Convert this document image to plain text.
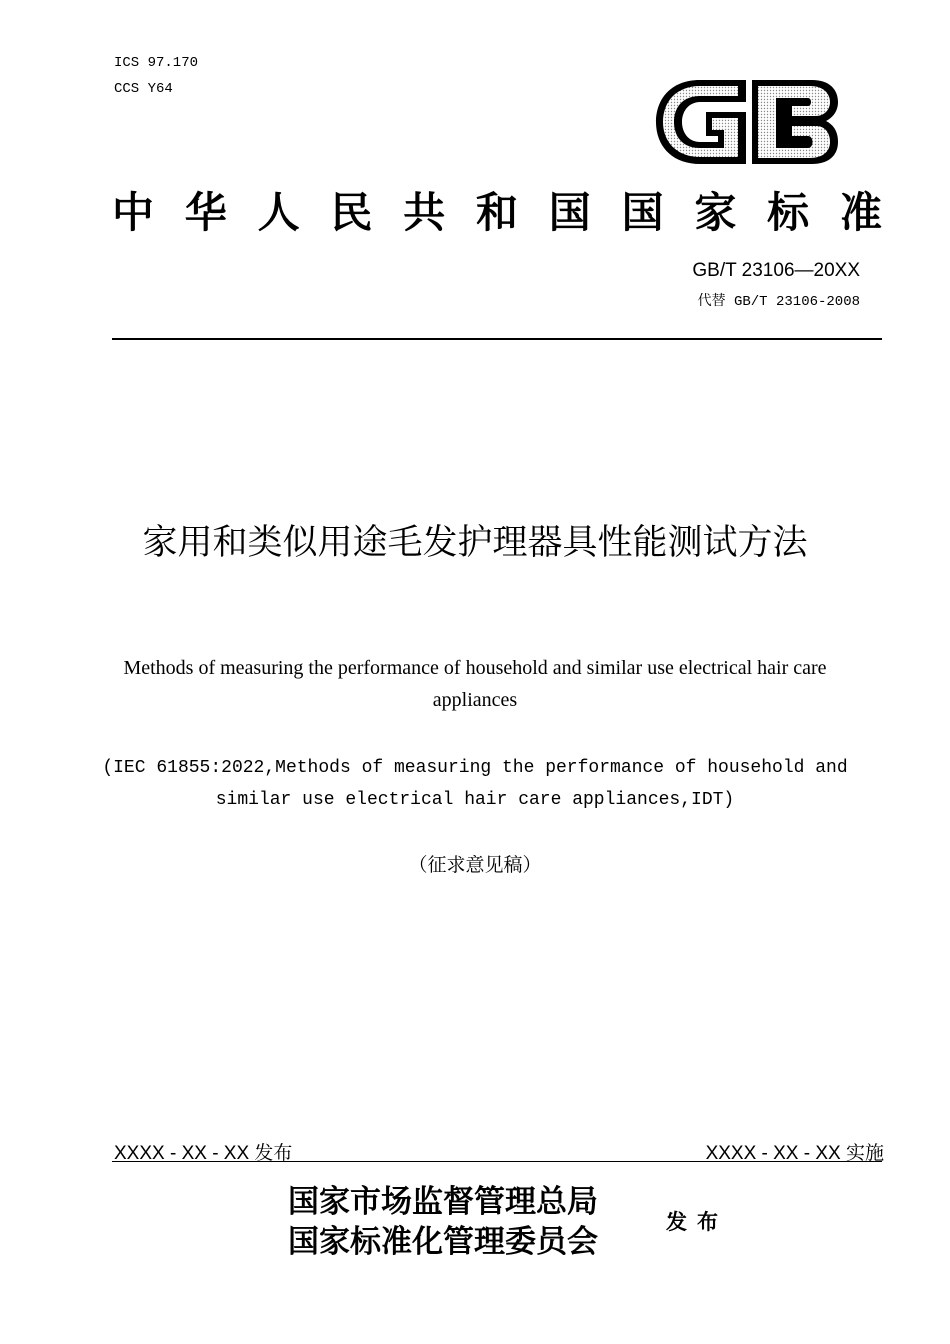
ICS 97.170
CCS Y64
中 华 人 民 共 和 国 国 家 标 准
GB/T 23106—20XX
代替 GB/T 23106-2008
家用和类似用途毛发护理器具性能测试方法
Methods of measuring the performance of household and similar use electrical hair care appliances
(IEC 61855:2022,Methods of measuring the performance of household and similar use electrical hair care appliances,IDT)
（征求意见稿）
XXXX - XX - XX 发布	XXXX - XX - XX 实施
国家市场监督管理总局
国家标准化管理委员会
发布
